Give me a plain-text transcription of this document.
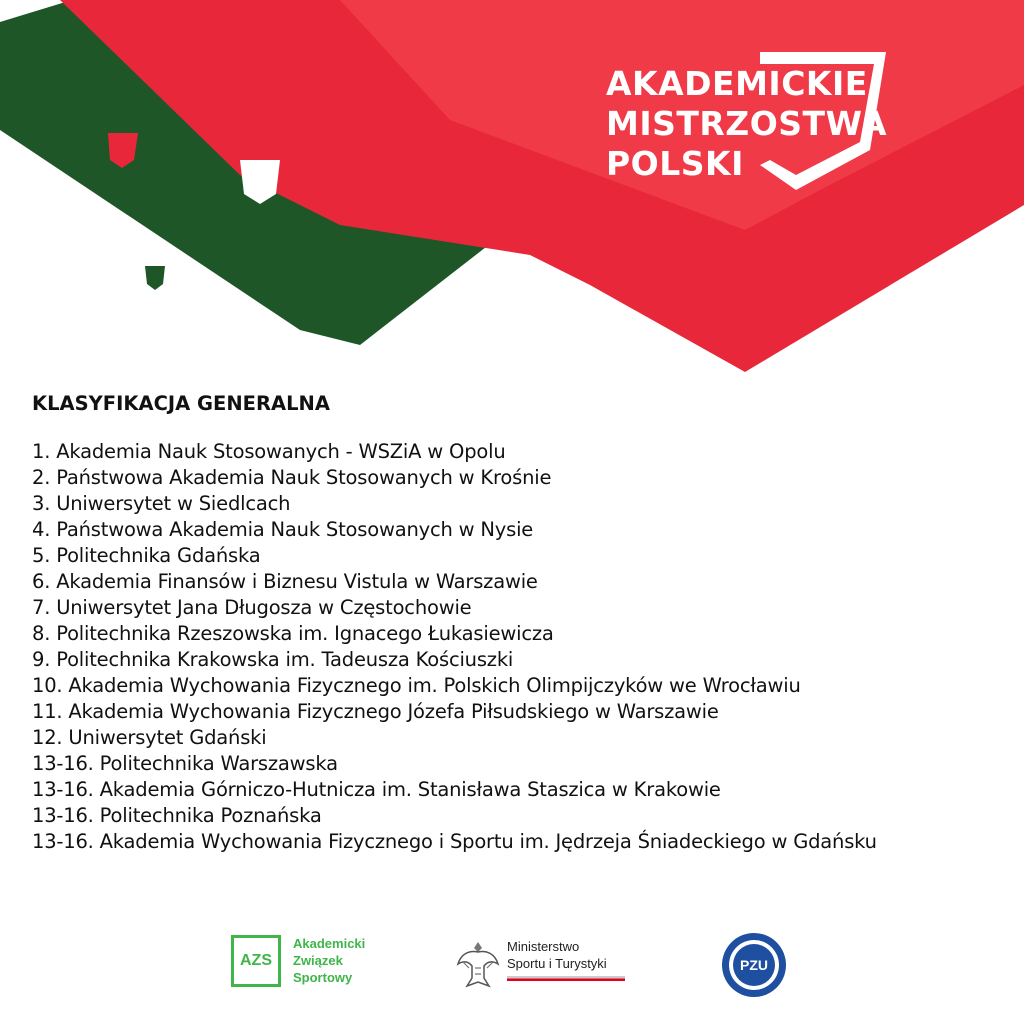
AKADEMICKIE
MISTRZOSTWA
POLSKI
KLASYFIKACJA GENERALNA
1. Akademia Nauk Stosowanych - WSZiA w Opolu
2. Państwowa Akademia Nauk Stosowanych w Krośnie
3. Uniwersytet w Siedlcach
4. Państwowa Akademia Nauk Stosowanych w Nysie
5. Politechnika Gdańska
6. Akademia Finansów i Biznesu Vistula w Warszawie
7. Uniwersytet Jana Długosza w Częstochowie
8. Politechnika Rzeszowska im. Ignacego Łukasiewicza
9. Politechnika Krakowska im. Tadeusza Kościuszki
10. Akademia Wychowania Fizycznego im. Polskich Olimpijczyków we Wrocławiu
11. Akademia Wychowania Fizycznego Józefa Piłsudskiego w Warszawie
12. Uniwersytet Gdański
13-16. Politechnika Warszawska
13-16. Akademia Górniczo-Hutnicza im. Stanisława Staszica w Krakowie
13-16. Politechnika Poznańska
13-16. Akademia Wychowania Fizycznego i Sportu im. Jędrzeja Śniadeckiego w Gdańsku
AZS
Akademicki
Związek
Sportowy
Ministerstwo
Sportu i Turystyki	PZU
